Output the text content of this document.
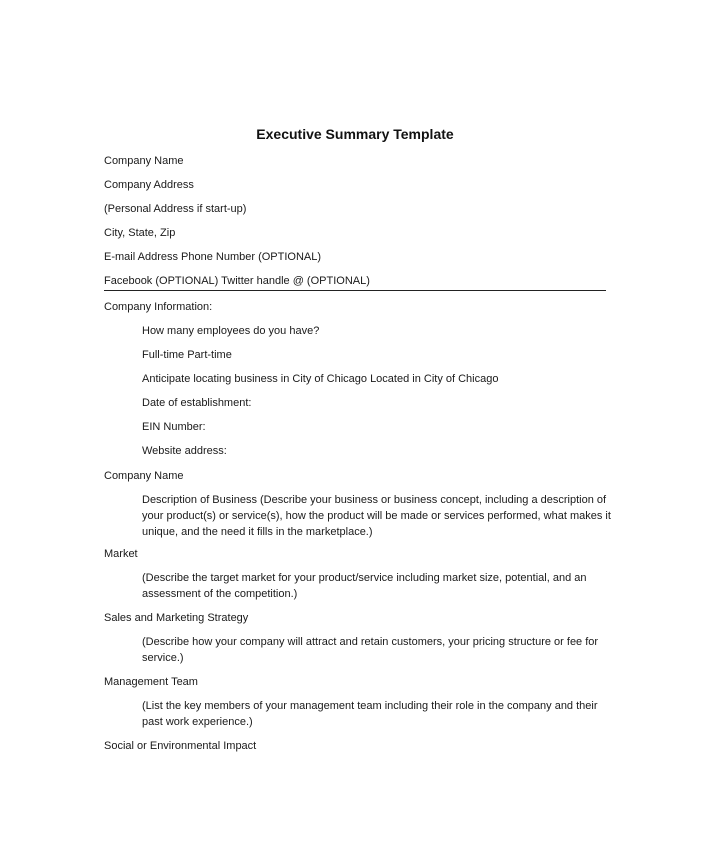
Executive Summary Template
Company Name
Company Address
(Personal Address if start-up)
City, State, Zip
E-mail Address Phone Number (OPTIONAL)
Facebook (OPTIONAL) Twitter handle @ (OPTIONAL)
Company Information:
How many employees do you have?
Full-time Part-time
Anticipate locating business in City of Chicago Located in City of Chicago
Date of establishment:
EIN Number:
Website address:
Company Name
Description of Business (Describe your business or business concept, including a description of your product(s) or service(s), how the product will be made or services performed, what makes it unique, and the need it fills in the marketplace.)
Market
(Describe the target market for your product/service including market size, potential, and an assessment of the competition.)
Sales and Marketing Strategy
(Describe how your company will attract and retain customers, your pricing structure or fee for service.)
Management Team
(List the key members of your management team including their role in the company and their past work experience.)
Social or Environmental Impact
